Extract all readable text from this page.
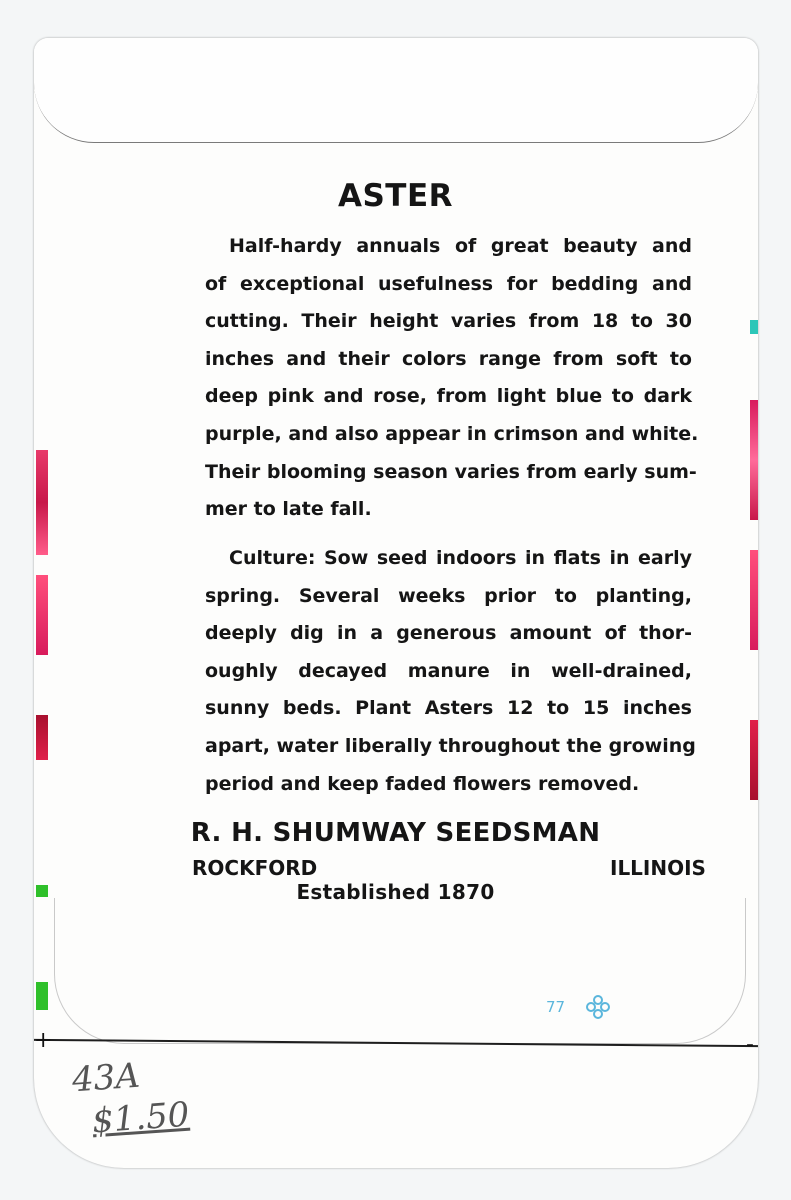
+	-
ASTER
Half-hardy annuals of great beauty and
of exceptional usefulness for bedding and
cutting. Their height varies from 18 to 30
inches and their colors range from soft to
deep pink and rose, from light blue to dark
purple, and also appear in crimson and white.
Their blooming season varies from early sum-
mer to late fall.
Culture: Sow seed indoors in flats in early
spring. Several weeks prior to planting,
deeply dig in a generous amount of thor-
oughly decayed manure in well-drained,
sunny beds. Plant Asters 12 to 15 inches
apart, water liberally throughout the growing
period and keep faded flowers removed.
R. H. SHUMWAY SEEDSMAN
ROCKFORD	ILLINOIS
Established 1870
77
43A
$1.50
